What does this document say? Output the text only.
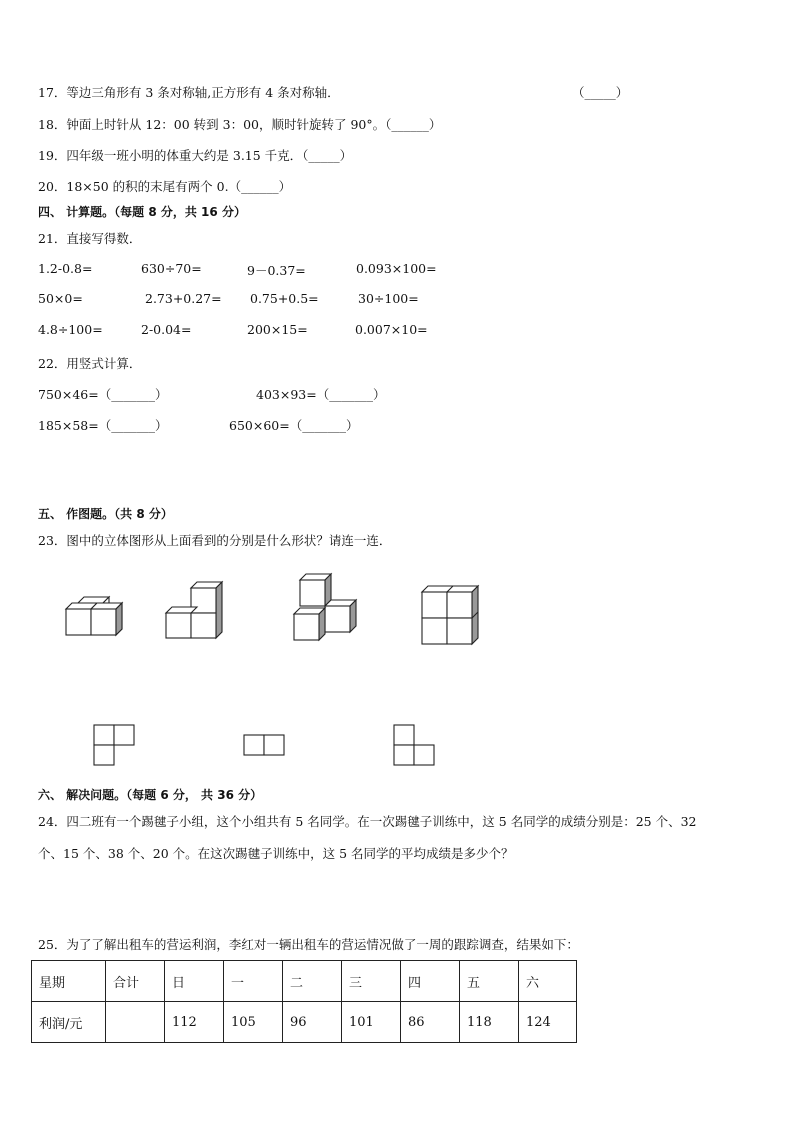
17．等边三角形有 3 条对称轴,正方形有 4 条对称轴．	（_____）
18．钟面上时针从 12：00 转到 3：00，顺时针旋转了 90°。（______）
19．四年级一班小明的体重大约是 3.15 千克．（_____）
20．18×50 的积的末尾有两个 0.（______）
四、 计算题。（每题 8 分，共 16 分）
21．直接写得数．
1.2-0.8=	630÷70=	9－0.37=	0.093×100=
50×0=	2.73+0.27= 0.75+0.5=	30÷100=
4.8÷100=	2-0.04=	200×15=	0.007×10=
22．用竖式计算．
750×46=（_______）	403×93=（_______）
185×58=（_______）	650×60=（_______）
五、 作图题。（共 8 分）
23．图中的立体图形从上面看到的分别是什么形状？请连一连．
六、 解决问题。（每题 6 分， 共 36 分）
24．四二班有一个踢毽子小组，这个小组共有 5 名同学。在一次踢毽子训练中，这 5 名同学的成绩分别是：25 个、32
个、15 个、38 个、20 个。在这次踢毽子训练中，这 5 名同学的平均成绩是多少个？
25．为了了解出租车的营运利润，李红对一辆出租车的营运情况做了一周的跟踪调查，结果如下：
星期	合计	日	一	二	三	四	五	六
利润/元		112	105	96	101	86	118	124
